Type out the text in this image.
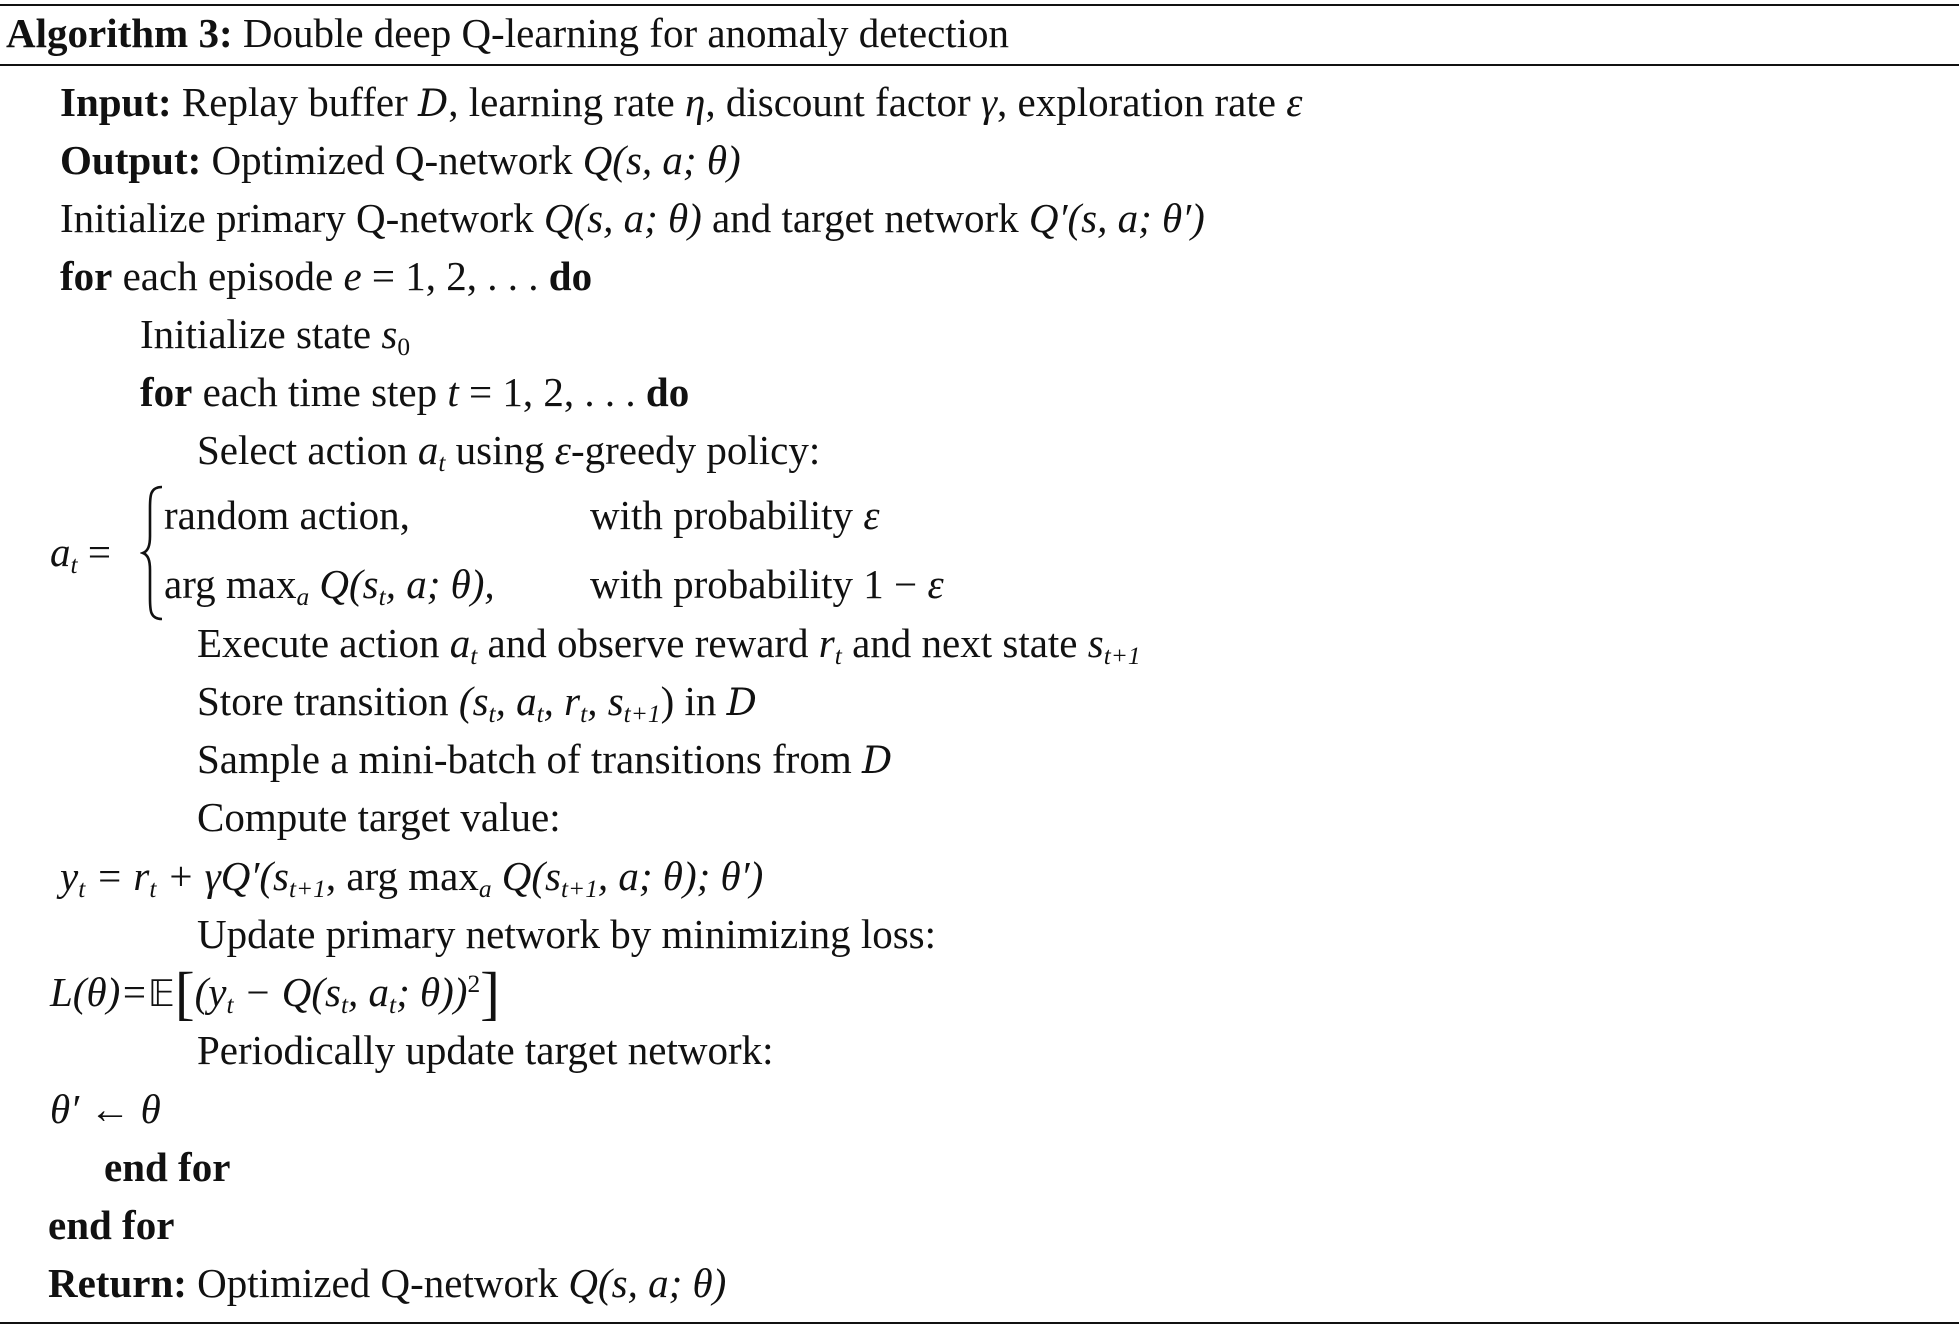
Algorithm 3: Double deep Q-learning for anomaly detection
Input: Replay buffer D, learning rate η, discount factor γ, exploration rate ε
Output: Optimized Q-network Q(s, a; θ)
Initialize primary Q-network Q(s, a; θ) and target network Q′(s, a; θ′)
for each episode e = 1, 2, . . . do
Initialize state $s_0$
for each time step t = 1, 2, . . . do
Select action $a_t$ using ε-greedy policy:
$a_t$ =
random action,	with probability ε
arg $\max_a Q(s_t$, a; θ), with probability 1 − ε
Execute action $a_t$ and observe reward $r_t$ and next state $s_{t+1}$
Store transition ($s_t$, $a_t$, $r_t$, $s_{t+1}$) in D
Sample a mini-batch of transitions from D
Compute target value:
$y_t = r_t + \gamma Q'(s_{t+1}$, arg $\max_a Q(s_{t+1}$, a; θ); θ′)
Update primary network by minimizing loss:
$L(\theta)=𝔼[(y_t - Q(s_t$, $a_t$; θ))$^2$]
Periodically update target network:
θ′ ← θ
end for
end for
Return: Optimized Q-network Q(s, a; θ)
